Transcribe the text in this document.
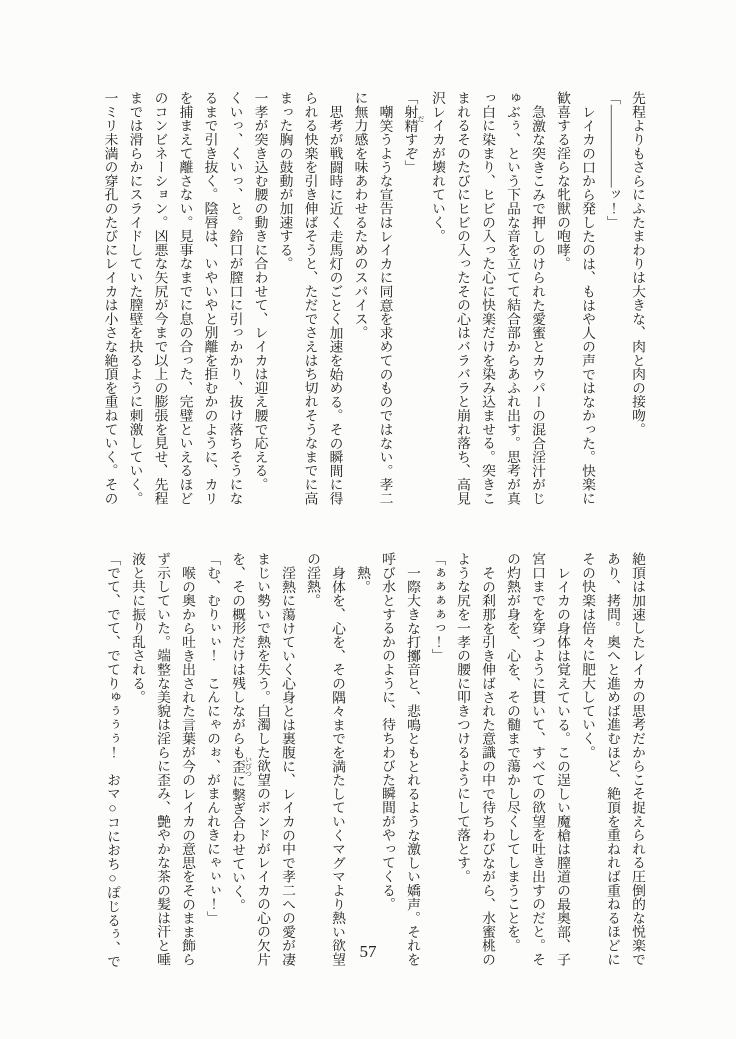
先程よりもさらにふたまわりは大きな、肉と肉の接吻。

「――――――ッ！」

レイカの口から発したのは、もはや人の声ではなかった。快楽に歓喜する淫らな牝獣の咆哮。

急激な突きこみで押しのけられた愛蜜とカウパーの混合淫汁がじゅぶぅ、という下品な音を立てて結合部からあふれ出す。思考が真っ白に染まり、ヒビの入った心に快楽だけを染み込ませる。突きこまれるそのたびにヒビの入ったその心はバラバラと崩れ落ち、高見沢レイカが壊れていく。

「射精 だすぞ」

嘲笑うような宣告はレイカに同意を求めてのものではない。孝二に無力感を味あわせるためのスパイス。

思考が戦闘時に近く走馬灯のごとく加速を始める。その瞬間に得られる快楽を引き伸ばそうと、ただでさえはち切れそうなまでに高まった胸の鼓動が加速する。

一孝が突き込む腰の動きに合わせて、レイカは迎え腰で応える。

くいっ、くいっ、と。鈴口が膣口に引っかかり、抜け落ちそうになるまで引き抜く。陰唇は、いやいやと別離を拒むかのように、カリを捕まえて離さない。見事なまでに息の合った、完璧といえるほどのコンビネーション。凶悪な矢尻が今まで以上の膨張を見せ、先程までは滑らかにスライドしていた膣壁を抉るように刺激していく。

一ミリ未満の穿孔のたびにレイカは小さな絶頂を重ねていく。その

絶頂は加速したレイカの思考だからこそ捉えられる圧倒的な悦楽であり、拷問。奥へと進めば進むほど、絶頂を重ねれば重ねるほどにその快楽は倍々に肥大していく。

レイカの身体は覚えている。この逞しい魔槍は膣道の最奥部、子宮口までを穿つように貫いて、すべての欲望を吐き出すのだと。その灼熱が身を、心を、その髄まで蕩かし尽くしてしまうことを。

その刹那を引き伸ばされた意識の中で待ちわびながら、水蜜桃のような尻を一孝の腰に叩きつけるようにして落とす。

「ぁぁぁぁっ！」

一際大きな打擲音と、悲鳴ともとれるような激しい嬌声。それを呼び水とするかのように、待ちわびた瞬間がやってくる。

熱。

身体を、心を、その隅々までを満たしていくマグマより熱い欲望の淫熱。

淫熱に蕩けていく心身とは裏腹に、レイカの中で孝二への愛が凄まじい勢いで熱を失う。白濁した欲望のボンドがレイカの心の欠片を、その概形だけは残しながらも歪 いびつに繋ぎ合わせていく。

「む、むりぃぃ！　こんにゃのぉ、がまんれきにゃぃぃ！」

喉の奥から吐き出された言葉が今のレイカの意思をそのまま飾らず示していた。端整な美貌は淫らに歪み、艶やかな茶の髪は汗と唾液と共に振り乱される。

「でて、でて、でてりゅぅぅぅ！　おマ○コにおち○ぽじるぅ、で	57
